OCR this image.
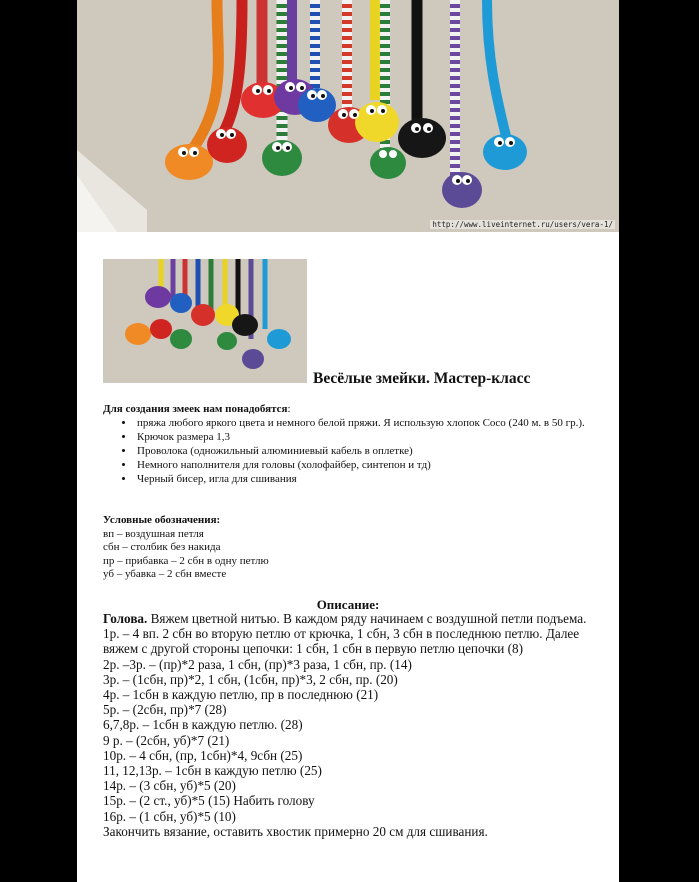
http://www.liveinternet.ru/users/vera-1/
Весёлые змейки. Мастер-класс
Для создания змеек нам понадобятся:
• пряжа любого яркого цвета и немного белой пряжи. Я использую хлопок Coco (240 м. в 50 гр.).
• Крючок размера 1,3
• Проволока (одножильный алюминиевый кабель в оплетке)
• Немного наполнителя для головы (холофайбер, синтепон и тд)
• Черный бисер, игла для сшивания
Условные обозначения:
вп – воздушная петля
сбн – столбик без накида
пр – прибавка – 2 сбн в одну петлю
уб – убавка – 2 сбн вместе
Описание:
Голова. Вяжем цветной нитью. В каждом ряду начинаем с воздушной петли подъема.
1р. – 4 вп. 2 сбн во вторую петлю от крючка, 1 сбн, 3 сбн в последнюю петлю. Далее вяжем с другой стороны цепочки: 1 сбн, 1 сбн в первую петлю цепочки (8)
2р. –3р. – (пр)*2 раза, 1 сбн, (пр)*3 раза, 1 сбн, пр. (14)
3р. – (1сбн, пр)*2, 1 сбн, (1сбн, пр)*3, 2 сбн, пр. (20)
4р. – 1сбн в каждую петлю, пр в последнюю (21)
5р. – (2сбн, пр)*7 (28)
6,7,8р. – 1сбн в каждую петлю. (28)
9 р. – (2сбн, уб)*7 (21)
10р. – 4 сбн, (пр, 1сбн)*4, 9сбн (25)
11, 12,13р. – 1сбн в каждую петлю (25)
14р. – (3 сбн, уб)*5 (20)
15р. – (2 ст., уб)*5 (15) Набить голову
16р. – (1 сбн, уб)*5 (10)
Закончить вязание, оставить хвостик примерно 20 см для сшивания.
